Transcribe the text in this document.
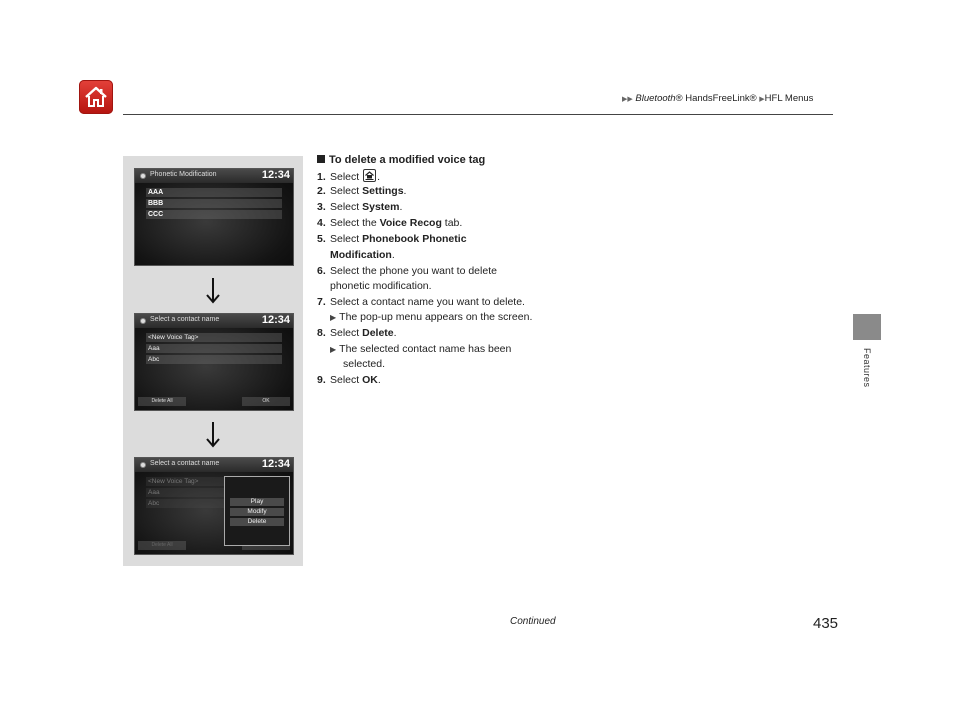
▶▶ Bluetooth® HandsFreeLink® ▶HFL Menus
Features
Phonetic Modification	12:34
AAA
BBB
CCC
Select a contact name	12:34
<New Voice Tag>
Aaa
Abc
Delete All	OK
Select a contact name	12:34
<New Voice Tag>
Aaa
Abc
Delete All
Play
Modify
Delete
To delete a modified voice tag
1. Select .
2. Select Settings.
3. Select System.
4. Select the Voice Recog tab.
5. Select Phonebook Phonetic
Modification.
6. Select the phone you want to delete
phonetic modification.
7. Select a contact name you want to delete.
▶ The pop-up menu appears on the screen.
8. Select Delete.
▶ The selected contact name has been
selected.
9. Select OK.
Continued	435
